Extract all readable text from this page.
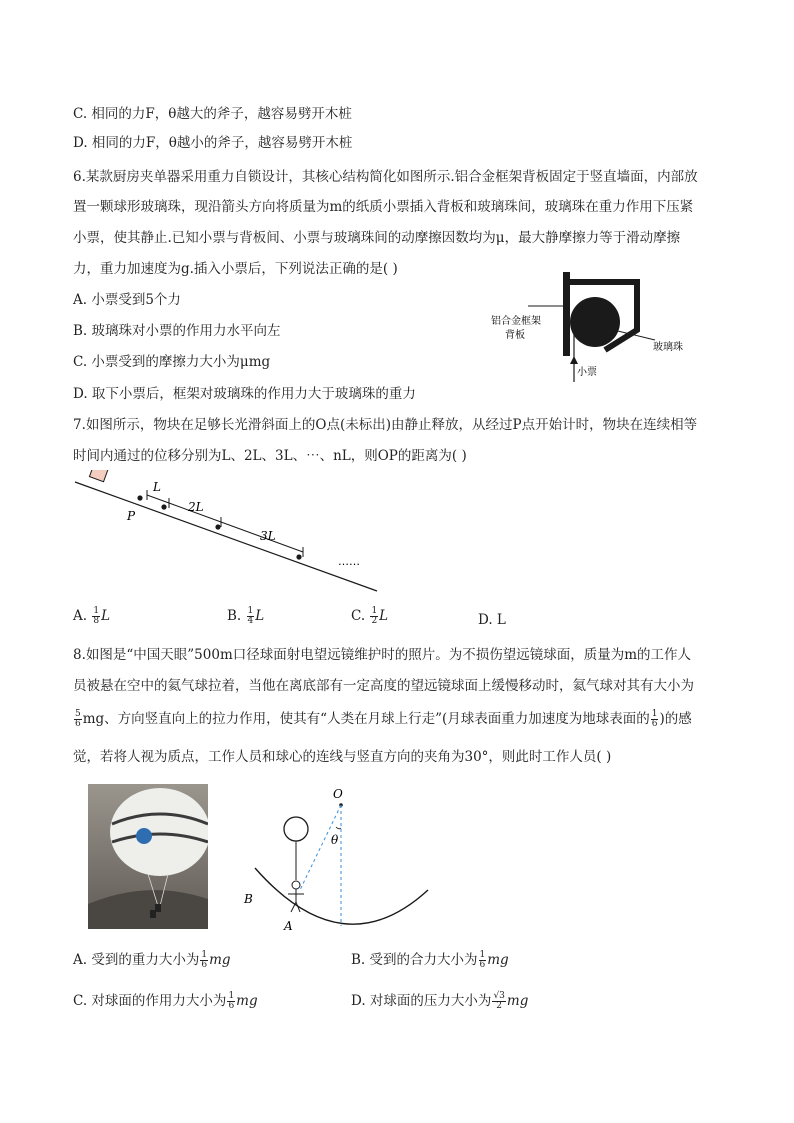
C. 相同的力F，θ越大的斧子，越容易劈开木桩
D. 相同的力F，θ越小的斧子，越容易劈开木桩
6.某款厨房夹单器采用重力自锁设计，其核心结构简化如图所示.铝合金框架背板固定于竖直墙面，内部放
置一颗球形玻璃珠，现沿箭头方向将质量为m的纸质小票插入背板和玻璃珠间，玻璃珠在重力作用下压紧
小票，使其静止.已知小票与背板间、小票与玻璃珠间的动摩擦因数均为μ，最大静摩擦力等于滑动摩擦
力，重力加速度为g.插入小票后，下列说法正确的是( )
A. 小票受到5个力
B. 玻璃珠对小票的作用力水平向左
C. 小票受到的摩擦力大小为μmg
D. 取下小票后，框架对玻璃珠的作用力大于玻璃珠的重力
铝合金框架
背板
玻璃珠
小票
7.如图所示，物块在足够长光滑斜面上的O点(未标出)由静止释放，从经过P点开始计时，物块在连续相等
时间内通过的位移分别为L、2L、3L、⋯、nL，则OP的距离为( )
P
L
2L
3L
……
A. $\frac{1}{8}$ L	B. $\frac{1}{4}$ L	C. $\frac{1}{2}$ L	D. L
8.如图是“中国天眼”500m口径球面射电望远镜维护时的照片。为不损伤望远镜球面，质量为m的工作人
员被悬在空中的氦气球拉着，当他在离底部有一定高度的望远镜球面上缓慢移动时，氦气球对其有大小为
$\frac{5}{6}$ mg、方向竖直向上的拉力作用，使其有“人类在月球上行走”(月球表面重力加速度为地球表面的 $\frac{1}{6}$ )的感
觉，若将人视为质点，工作人员和球心的连线与竖直方向的夹角为30°，则此时工作人员( )
O
θ
B
A
A. 受到的重力大小为 $\frac{1}{6}$ mg	B. 受到的合力大小为 $\frac{1}{6}$ mg
C. 对球面的作用力大小为 $\frac{1}{6}$ mg	D. 对球面的压力大小为 $\frac{√3}{2}$ mg
